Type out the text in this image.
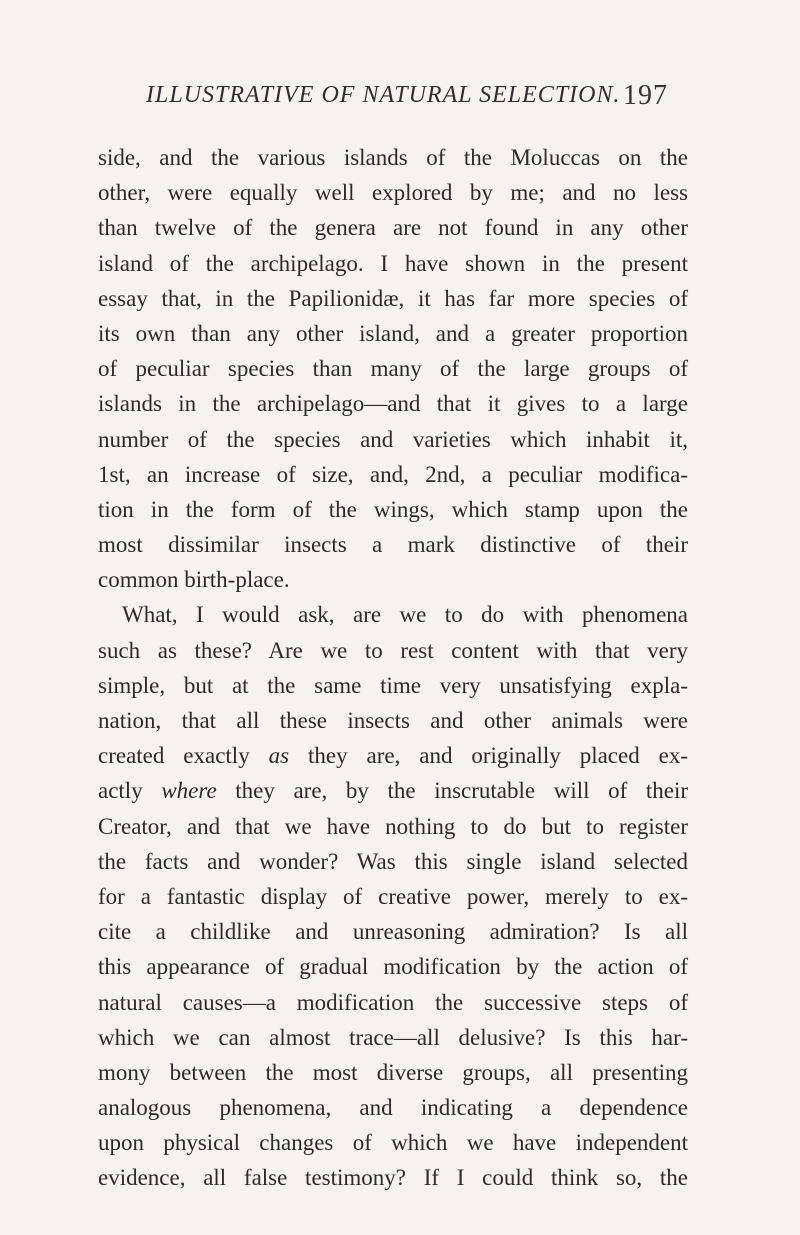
ILLUSTRATIVE OF NATURAL SELECTION. 197
side, and the various islands of the Moluccas on the
other, were equally well explored by me; and no less
than twelve of the genera are not found in any other
island of the archipelago. I have shown in the present
essay that, in the Papilionidæ, it has far more species of
its own than any other island, and a greater proportion
of peculiar species than many of the large groups of
islands in the archipelago—and that it gives to a large
number of the species and varieties which inhabit it,
1st, an increase of size, and, 2nd, a peculiar modifica-
tion in the form of the wings, which stamp upon the
most dissimilar insects a mark distinctive of their
common birth-place.
What, I would ask, are we to do with phenomena
such as these? Are we to rest content with that very
simple, but at the same time very unsatisfying expla-
nation, that all these insects and other animals were
created exactly as they are, and originally placed ex-
actly where they are, by the inscrutable will of their
Creator, and that we have nothing to do but to register
the facts and wonder? Was this single island selected
for a fantastic display of creative power, merely to ex-
cite a childlike and unreasoning admiration? Is all
this appearance of gradual modification by the action of
natural causes—a modification the successive steps of
which we can almost trace—all delusive? Is this har-
mony between the most diverse groups, all presenting
analogous phenomena, and indicating a dependence
upon physical changes of which we have independent
evidence, all false testimony? If I could think so, the
